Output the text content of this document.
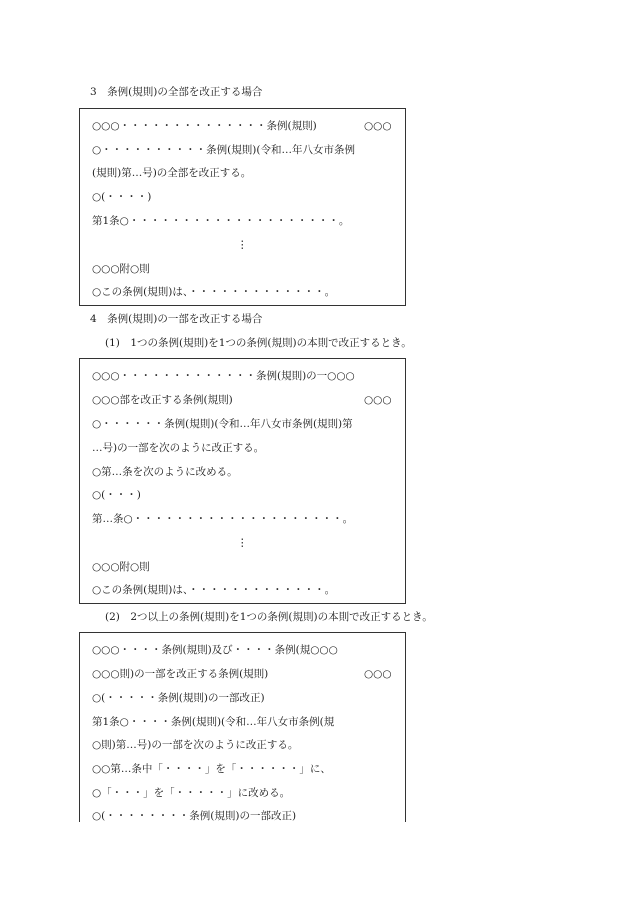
3　条例(規則)の全部を改正する場合
○○○・・・・・・・・・・・・・・条例(規則)	○○○
○・・・・・・・・・・条例(規則)(令和…年八女市条例
(規則)第…号)の全部を改正する。
○(・・・・)
第1条○・・・・・・・・・・・・・・・・・・・・。
⋮
○○○附○則
○この条例(規則)は、・・・・・・・・・・・・・。
4　条例(規則)の一部を改正する場合
(1)　1つの条例(規則)を1つの条例(規則)の本則で改正するとき。
○○○・・・・・・・・・・・・・条例(規則)の一○○○
○○○部を改正する条例(規則)	○○○
○・・・・・・条例(規則)(令和…年八女市条例(規則)第
…号)の一部を次のように改正する。
○第…条を次のように改める。
○(・・・)
第…条○・・・・・・・・・・・・・・・・・・・・。
⋮
○○○附○則
○この条例(規則)は、・・・・・・・・・・・・・。
(2)　2つ以上の条例(規則)を1つの条例(規則)の本則で改正するとき。
○○○・・・・条例(規則)及び・・・・条例(規○○○
○○○則)の一部を改正する条例(規則)	○○○
○(・・・・・条例(規則)の一部改正)
第1条○・・・・条例(規則)(令和…年八女市条例(規
○則)第…号)の一部を次のように改正する。
○○第…条中「・・・・」を「・・・・・・」に、
○「・・・」を「・・・・・」に改める。
○(・・・・・・・・条例(規則)の一部改正)
